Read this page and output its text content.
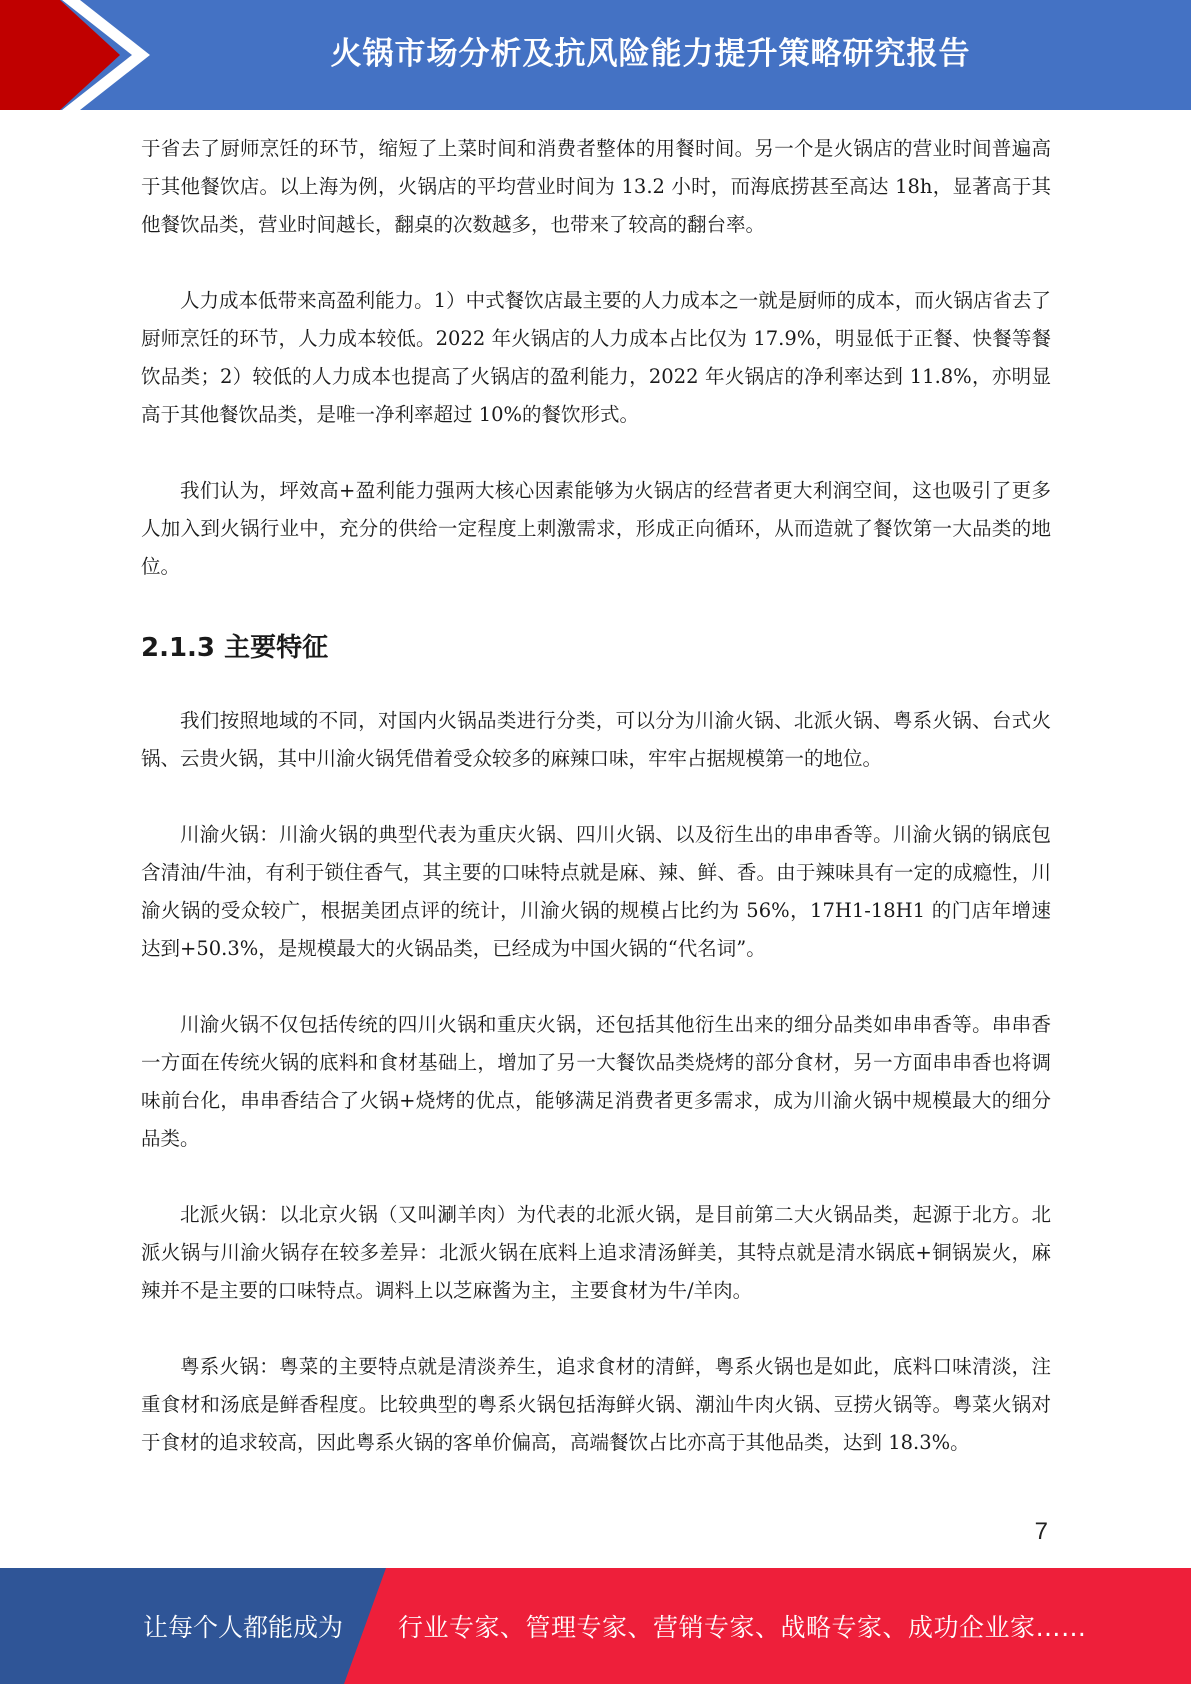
火锅市场分析及抗风险能力提升策略研究报告

于省去了厨师烹饪的环节，缩短了上菜时间和消费者整体的用餐时间。另一个是火锅店的营业时间普遍高于其他餐饮店。以上海为例，火锅店的平均营业时间为 13.2 小时，而海底捞甚至高达 18h，显著高于其他餐饮品类，营业时间越长，翻桌的次数越多，也带来了较高的翻台率。

人力成本低带来高盈利能力。1）中式餐饮店最主要的人力成本之一就是厨师的成本，而火锅店省去了厨师烹饪的环节，人力成本较低。2022 年火锅店的人力成本占比仅为 17.9%，明显低于正餐、快餐等餐饮品类；2）较低的人力成本也提高了火锅店的盈利能力，2022 年火锅店的净利率达到 11.8%，亦明显高于其他餐饮品类，是唯一净利率超过 10%的餐饮形式。

我们认为，坪效高+盈利能力强两大核心因素能够为火锅店的经营者更大利润空间，这也吸引了更多人加入到火锅行业中，充分的供给一定程度上刺激需求，形成正向循环，从而造就了餐饮第一大品类的地位。

2.1.3 主要特征

我们按照地域的不同，对国内火锅品类进行分类，可以分为川渝火锅、北派火锅、粤系火锅、台式火锅、云贵火锅，其中川渝火锅凭借着受众较多的麻辣口味，牢牢占据规模第一的地位。

川渝火锅：川渝火锅的典型代表为重庆火锅、四川火锅、以及衍生出的串串香等。川渝火锅的锅底包含清油/牛油，有利于锁住香气，其主要的口味特点就是麻、辣、鲜、香。由于辣味具有一定的成瘾性，川渝火锅的受众较广，根据美团点评的统计，川渝火锅的规模占比约为 56%，17H1-18H1 的门店年增速达到+50.3%，是规模最大的火锅品类，已经成为中国火锅的“代名词”。

川渝火锅不仅包括传统的四川火锅和重庆火锅，还包括其他衍生出来的细分品类如串串香等。串串香一方面在传统火锅的底料和食材基础上，增加了另一大餐饮品类烧烤的部分食材，另一方面串串香也将调味前台化，串串香结合了火锅+烧烤的优点，能够满足消费者更多需求，成为川渝火锅中规模最大的细分品类。

北派火锅：以北京火锅（又叫涮羊肉）为代表的北派火锅，是目前第二大火锅品类，起源于北方。北派火锅与川渝火锅存在较多差异：北派火锅在底料上追求清汤鲜美，其特点就是清水锅底+铜锅炭火，麻辣并不是主要的口味特点。调料上以芝麻酱为主，主要食材为牛/羊肉。

粤系火锅：粤菜的主要特点就是清淡养生，追求食材的清鲜，粤系火锅也是如此，底料口味清淡，注重食材和汤底是鲜香程度。比较典型的粤系火锅包括海鲜火锅、潮汕牛肉火锅、豆捞火锅等。粤菜火锅对于食材的追求较高，因此粤系火锅的客单价偏高，高端餐饮占比亦高于其他品类，达到 18.3%。

7
让每个人都能成为 行业专家、管理专家、营销专家、战略专家、成功企业家……
